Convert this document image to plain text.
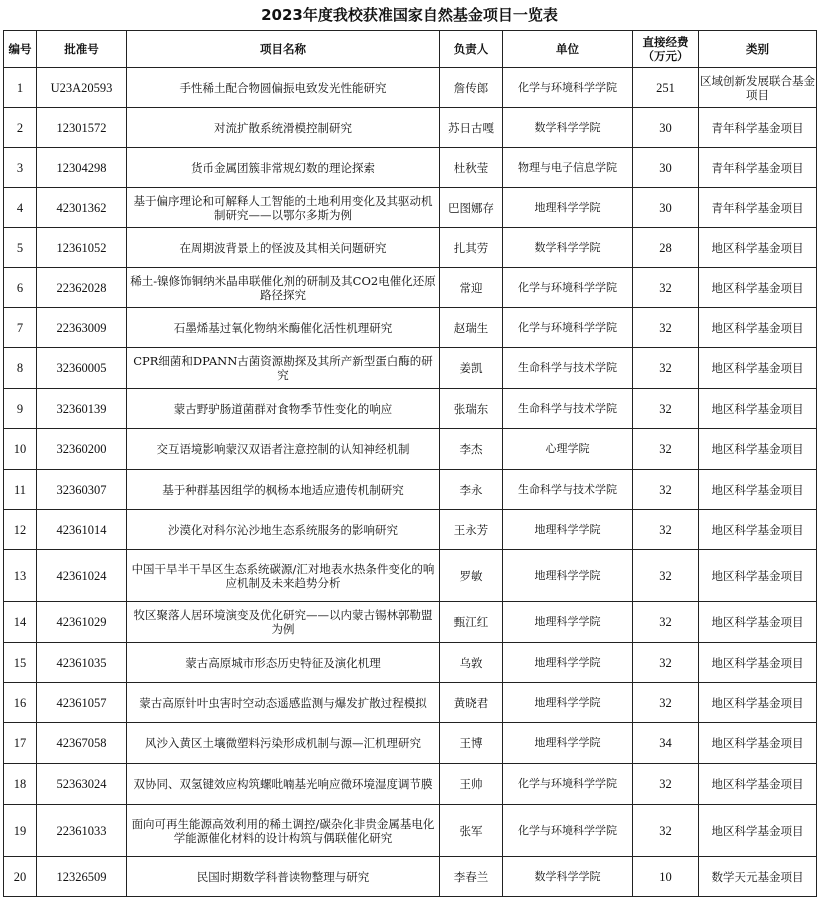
2023年度我校获准国家自然基金项目一览表
编号	批准号	项目名称	负责人	单位	直接经费（万元）	类别
1	U23A20593	手性稀土配合物圆偏振电致发光性能研究	詹传郎	化学与环境科学学院	251	区域创新发展联合基金项目
2	12301572	对流扩散系统滑模控制研究	苏日古嘎	数学科学学院	30	青年科学基金项目
3	12304298	货币金属团簇非常规幻数的理论探索	杜秋莹	物理与电子信息学院	30	青年科学基金项目
4	42301362	基于偏序理论和可解释人工智能的土地利用变化及其驱动机制研究——以鄂尔多斯为例	巴图娜存	地理科学学院	30	青年科学基金项目
5	12361052	在周期波背景上的怪波及其相关问题研究	扎其劳	数学科学学院	28	地区科学基金项目
6	22362028	稀土-镍修饰铜纳米晶串联催化剂的研制及其CO2电催化还原路径探究	常迎	化学与环境科学学院	32	地区科学基金项目
7	22363009	石墨烯基过氧化物纳米酶催化活性机理研究	赵瑞生	化学与环境科学学院	32	地区科学基金项目
8	32360005	CPR细菌和DPANN古菌资源勘探及其所产新型蛋白酶的研究	姜凯	生命科学与技术学院	32	地区科学基金项目
9	32360139	蒙古野驴肠道菌群对食物季节性变化的响应	张瑞东	生命科学与技术学院	32	地区科学基金项目
10	32360200	交互语境影响蒙汉双语者注意控制的认知神经机制	李杰	心理学院	32	地区科学基金项目
11	32360307	基于种群基因组学的枫杨本地适应遗传机制研究	李永	生命科学与技术学院	32	地区科学基金项目
12	42361014	沙漠化对科尔沁沙地生态系统服务的影响研究	王永芳	地理科学学院	32	地区科学基金项目
13	42361024	中国干旱半干旱区生态系统碳源/汇对地表水热条件变化的响应机制及未来趋势分析	罗敏	地理科学学院	32	地区科学基金项目
14	42361029	牧区聚落人居环境演变及优化研究——以内蒙古锡林郭勒盟为例	甄江红	地理科学学院	32	地区科学基金项目
15	42361035	蒙古高原城市形态历史特征及演化机理	乌敦	地理科学学院	32	地区科学基金项目
16	42361057	蒙古高原针叶虫害时空动态遥感监测与爆发扩散过程模拟	黄晓君	地理科学学院	32	地区科学基金项目
17	42367058	风沙入黄区土壤微塑料污染形成机制与源—汇机理研究	王博	地理科学学院	34	地区科学基金项目
18	52363024	双协同、双氢键效应构筑螺吡喃基光响应微环境湿度调节膜	王帅	化学与环境科学学院	32	地区科学基金项目
19	22361033	面向可再生能源高效利用的稀土调控/碳杂化非贵金属基电化学能源催化材料的设计构筑与偶联催化研究	张军	化学与环境科学学院	32	地区科学基金项目
20	12326509	民国时期数学科普读物整理与研究	李春兰	数学科学学院	10	数学天元基金项目
